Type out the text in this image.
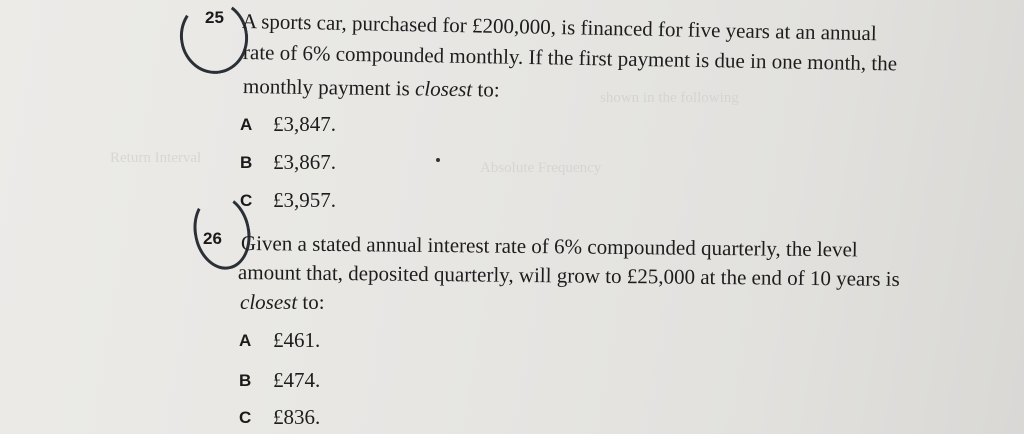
Absolute Frequency
Return Interval
shown in the following
25 A sports car, purchased for £200,000, is financed for five years at an annual
rate of 6% compounded monthly. If the first payment is due in one month, the
monthly payment is closest to:
A £3,847.
B £3,867.
C £3,957.
26 Given a stated annual interest rate of 6% compounded quarterly, the level
amount that, deposited quarterly, will grow to £25,000 at the end of 10 years is
closest to:
A £461.
B £474.
C £836.
